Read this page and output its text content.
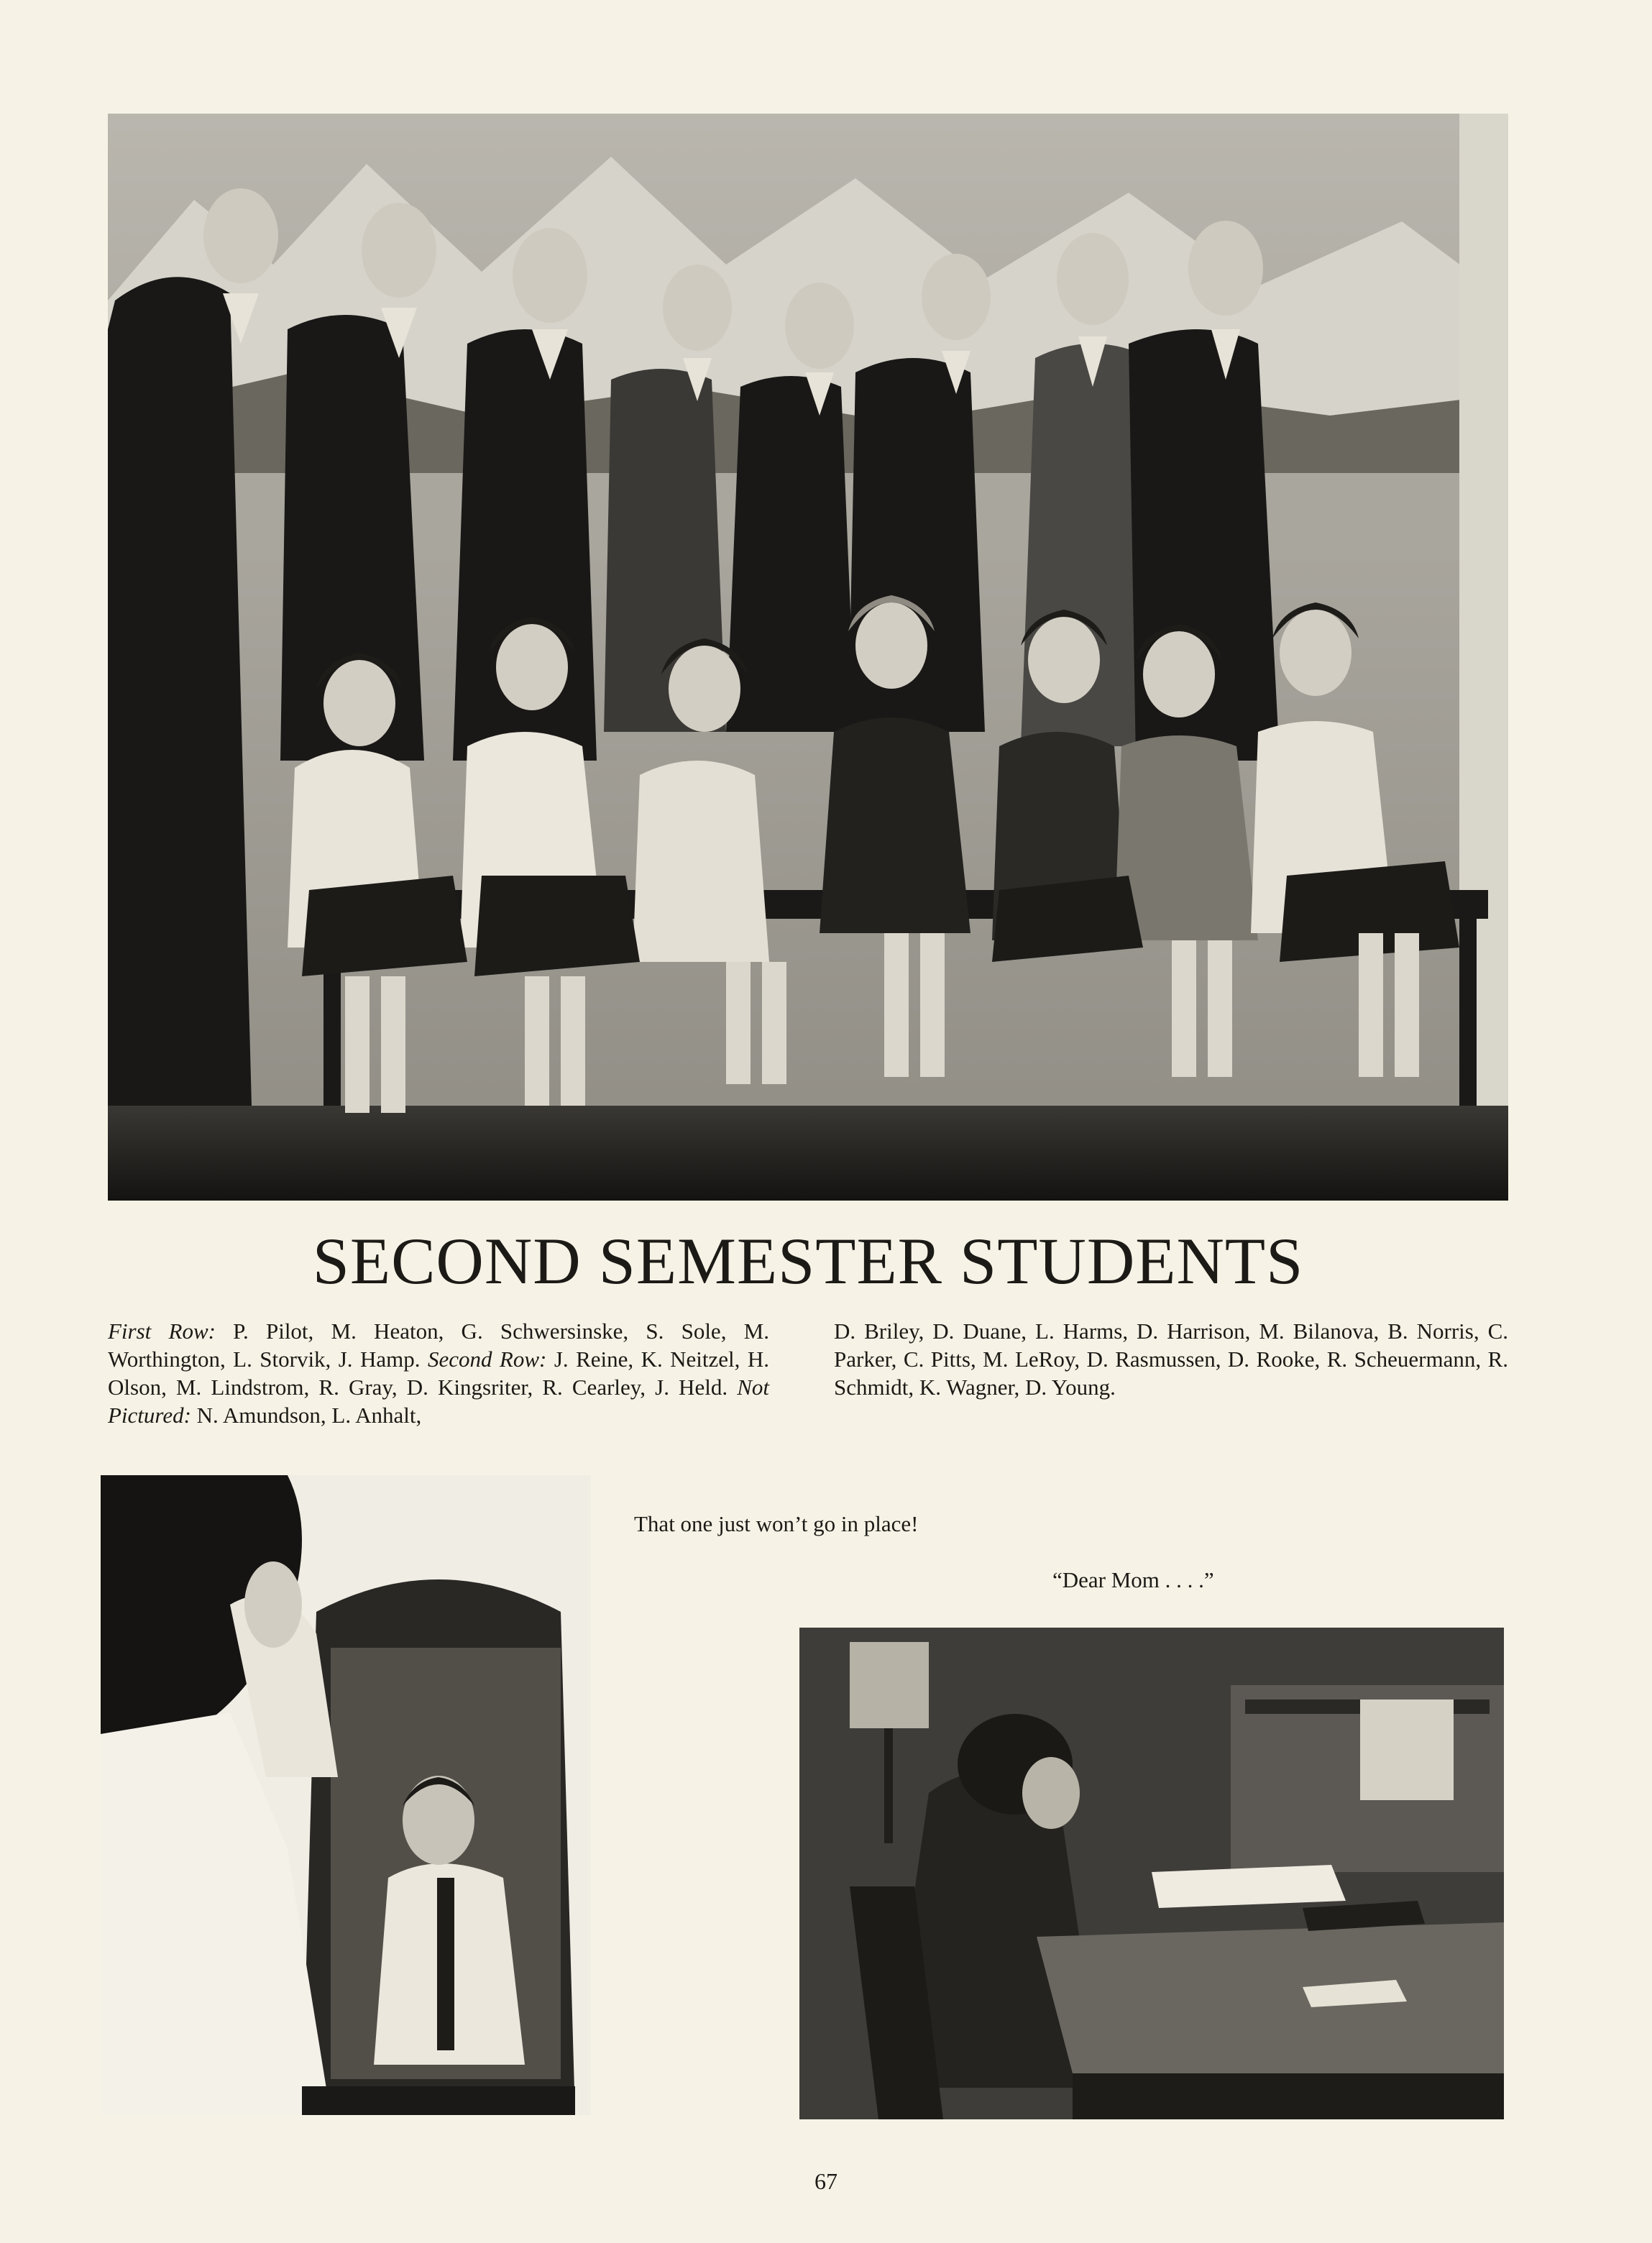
SECOND SEMESTER STUDENTS
First Row: P. Pilot, M. Heaton, G. Schwersinske, S. Sole, M. Worthington, L. Storvik, J. Hamp. Second Row: J. Reine, K. Neitzel, H. Olson, M. Lindstrom, R. Gray, D. Kingsriter, R. Cearley, J. Held. Not Pictured: N. Amundson, L. Anhalt,
D. Briley, D. Duane, L. Harms, D. Harrison, M. Bilanova, B. Norris, C. Parker, C. Pitts, M. LeRoy, D. Rasmussen, D. Rooke, R. Scheuermann, R. Schmidt, K. Wagner, D. Young.
That one just won’t go in place!
“Dear Mom . . . .”
67
